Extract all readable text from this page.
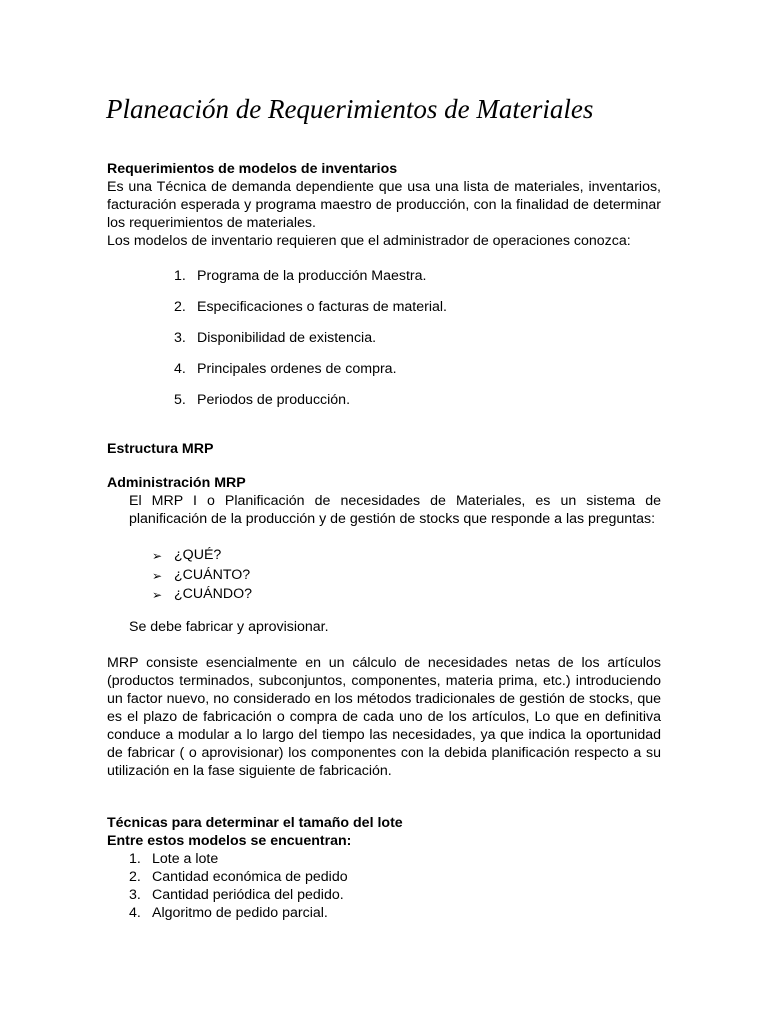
Planeación de Requerimientos de Materiales

Requerimientos de modelos de inventarios

Es una Técnica de demanda dependiente que usa una lista de materiales, inventarios, facturación esperada y programa maestro de producción, con la finalidad de determinar los requerimientos de materiales.

Los modelos de inventario requieren que el administrador de operaciones conozca:

1. Programa de la producción Maestra.
2. Especificaciones o facturas de material.
3. Disponibilidad de existencia.
4. Principales ordenes de compra.
5. Periodos de producción.
Estructura MRP
Administración MRP
El MRP I o Planificación de necesidades de Materiales, es un sistema de planificación de la producción y de gestión de stocks que responde a las preguntas:
➢ ¿QUÉ?
➢ ¿CUÁNTO?
➢ ¿CUÁNDO?
Se debe fabricar y aprovisionar.
MRP consiste esencialmente en un cálculo de necesidades netas de los artículos (productos terminados, subconjuntos, componentes, materia prima, etc.) introduciendo un factor nuevo, no considerado en los métodos tradicionales de gestión de stocks, que es el plazo de fabricación o compra de cada uno de los artículos, Lo que en definitiva conduce a modular a lo largo del tiempo las necesidades, ya que indica la oportunidad de fabricar ( o aprovisionar) los componentes con la debida planificación respecto a su utilización en la fase siguiente de fabricación.

Técnicas para determinar el tamaño del lote

Entre estos modelos se encuentran:

1. Lote a lote
2. Cantidad económica de pedido
3. Cantidad periódica del pedido.
4. Algoritmo de pedido parcial.
